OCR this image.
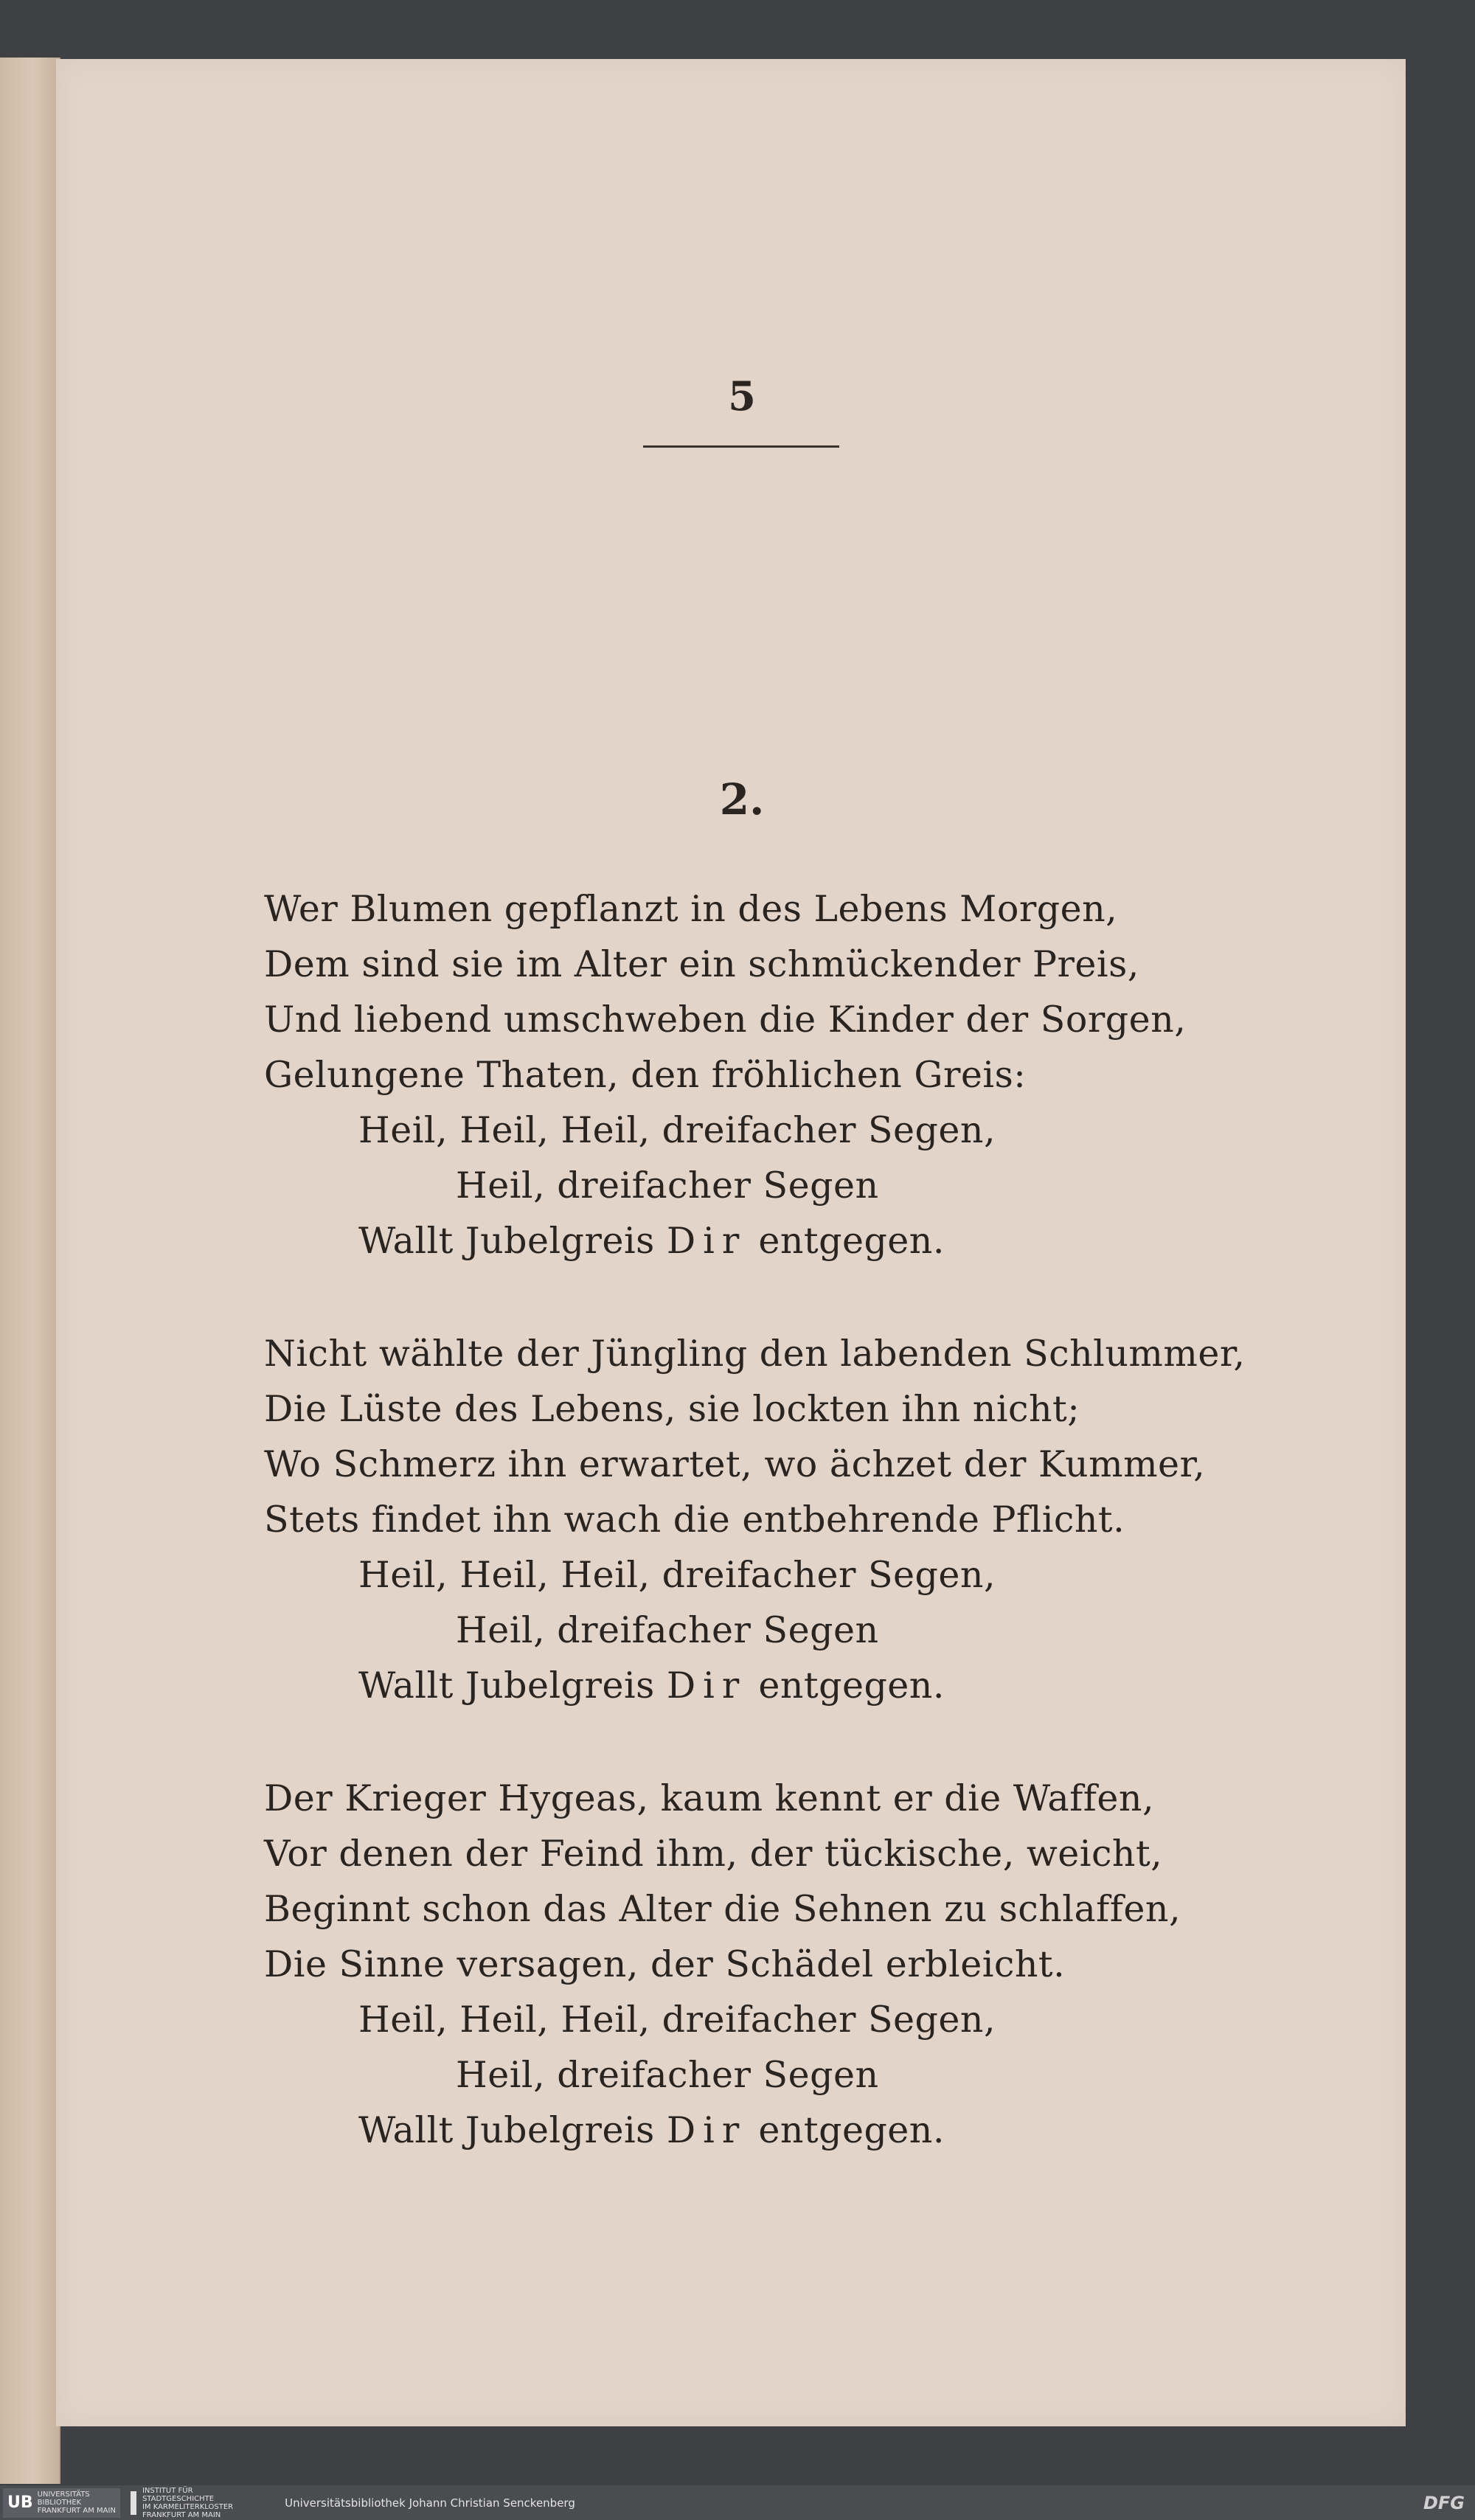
5
2.
Wer Blumen gepflanzt in des Lebens Morgen,
Dem sind sie im Alter ein schmückender Preis,
Und liebend umschweben die Kinder der Sorgen,
Gelungene Thaten, den fröhlichen Greis:
Heil, Heil, Heil, dreifacher Segen,
Heil, dreifacher Segen
Wallt Jubelgreis Dir entgegen.
Nicht wählte der Jüngling den labenden Schlummer,
Die Lüste des Lebens, sie lockten ihn nicht;
Wo Schmerz ihn erwartet, wo ächzet der Kummer,
Stets findet ihn wach die entbehrende Pflicht.
Heil, Heil, Heil, dreifacher Segen,
Heil, dreifacher Segen
Wallt Jubelgreis Dir entgegen.
Der Krieger Hygeas, kaum kennt er die Waffen,
Vor denen der Feind ihm, der tückische, weicht,
Beginnt schon das Alter die Sehnen zu schlaffen,
Die Sinne versagen, der Schädel erbleicht.
Heil, Heil, Heil, dreifacher Segen,
Heil, dreifacher Segen
Wallt Jubelgreis Dir entgegen.
UB UNIVERSITÄTS
BIBLIOTHEK
FRANKFURT AM MAIN
INSTITUT FÜR
STADTGESCHICHTE
IM KARMELITERKLOSTER
FRANKFURT AM MAIN
Universitätsbibliothek Johann Christian Senckenberg	DFG
